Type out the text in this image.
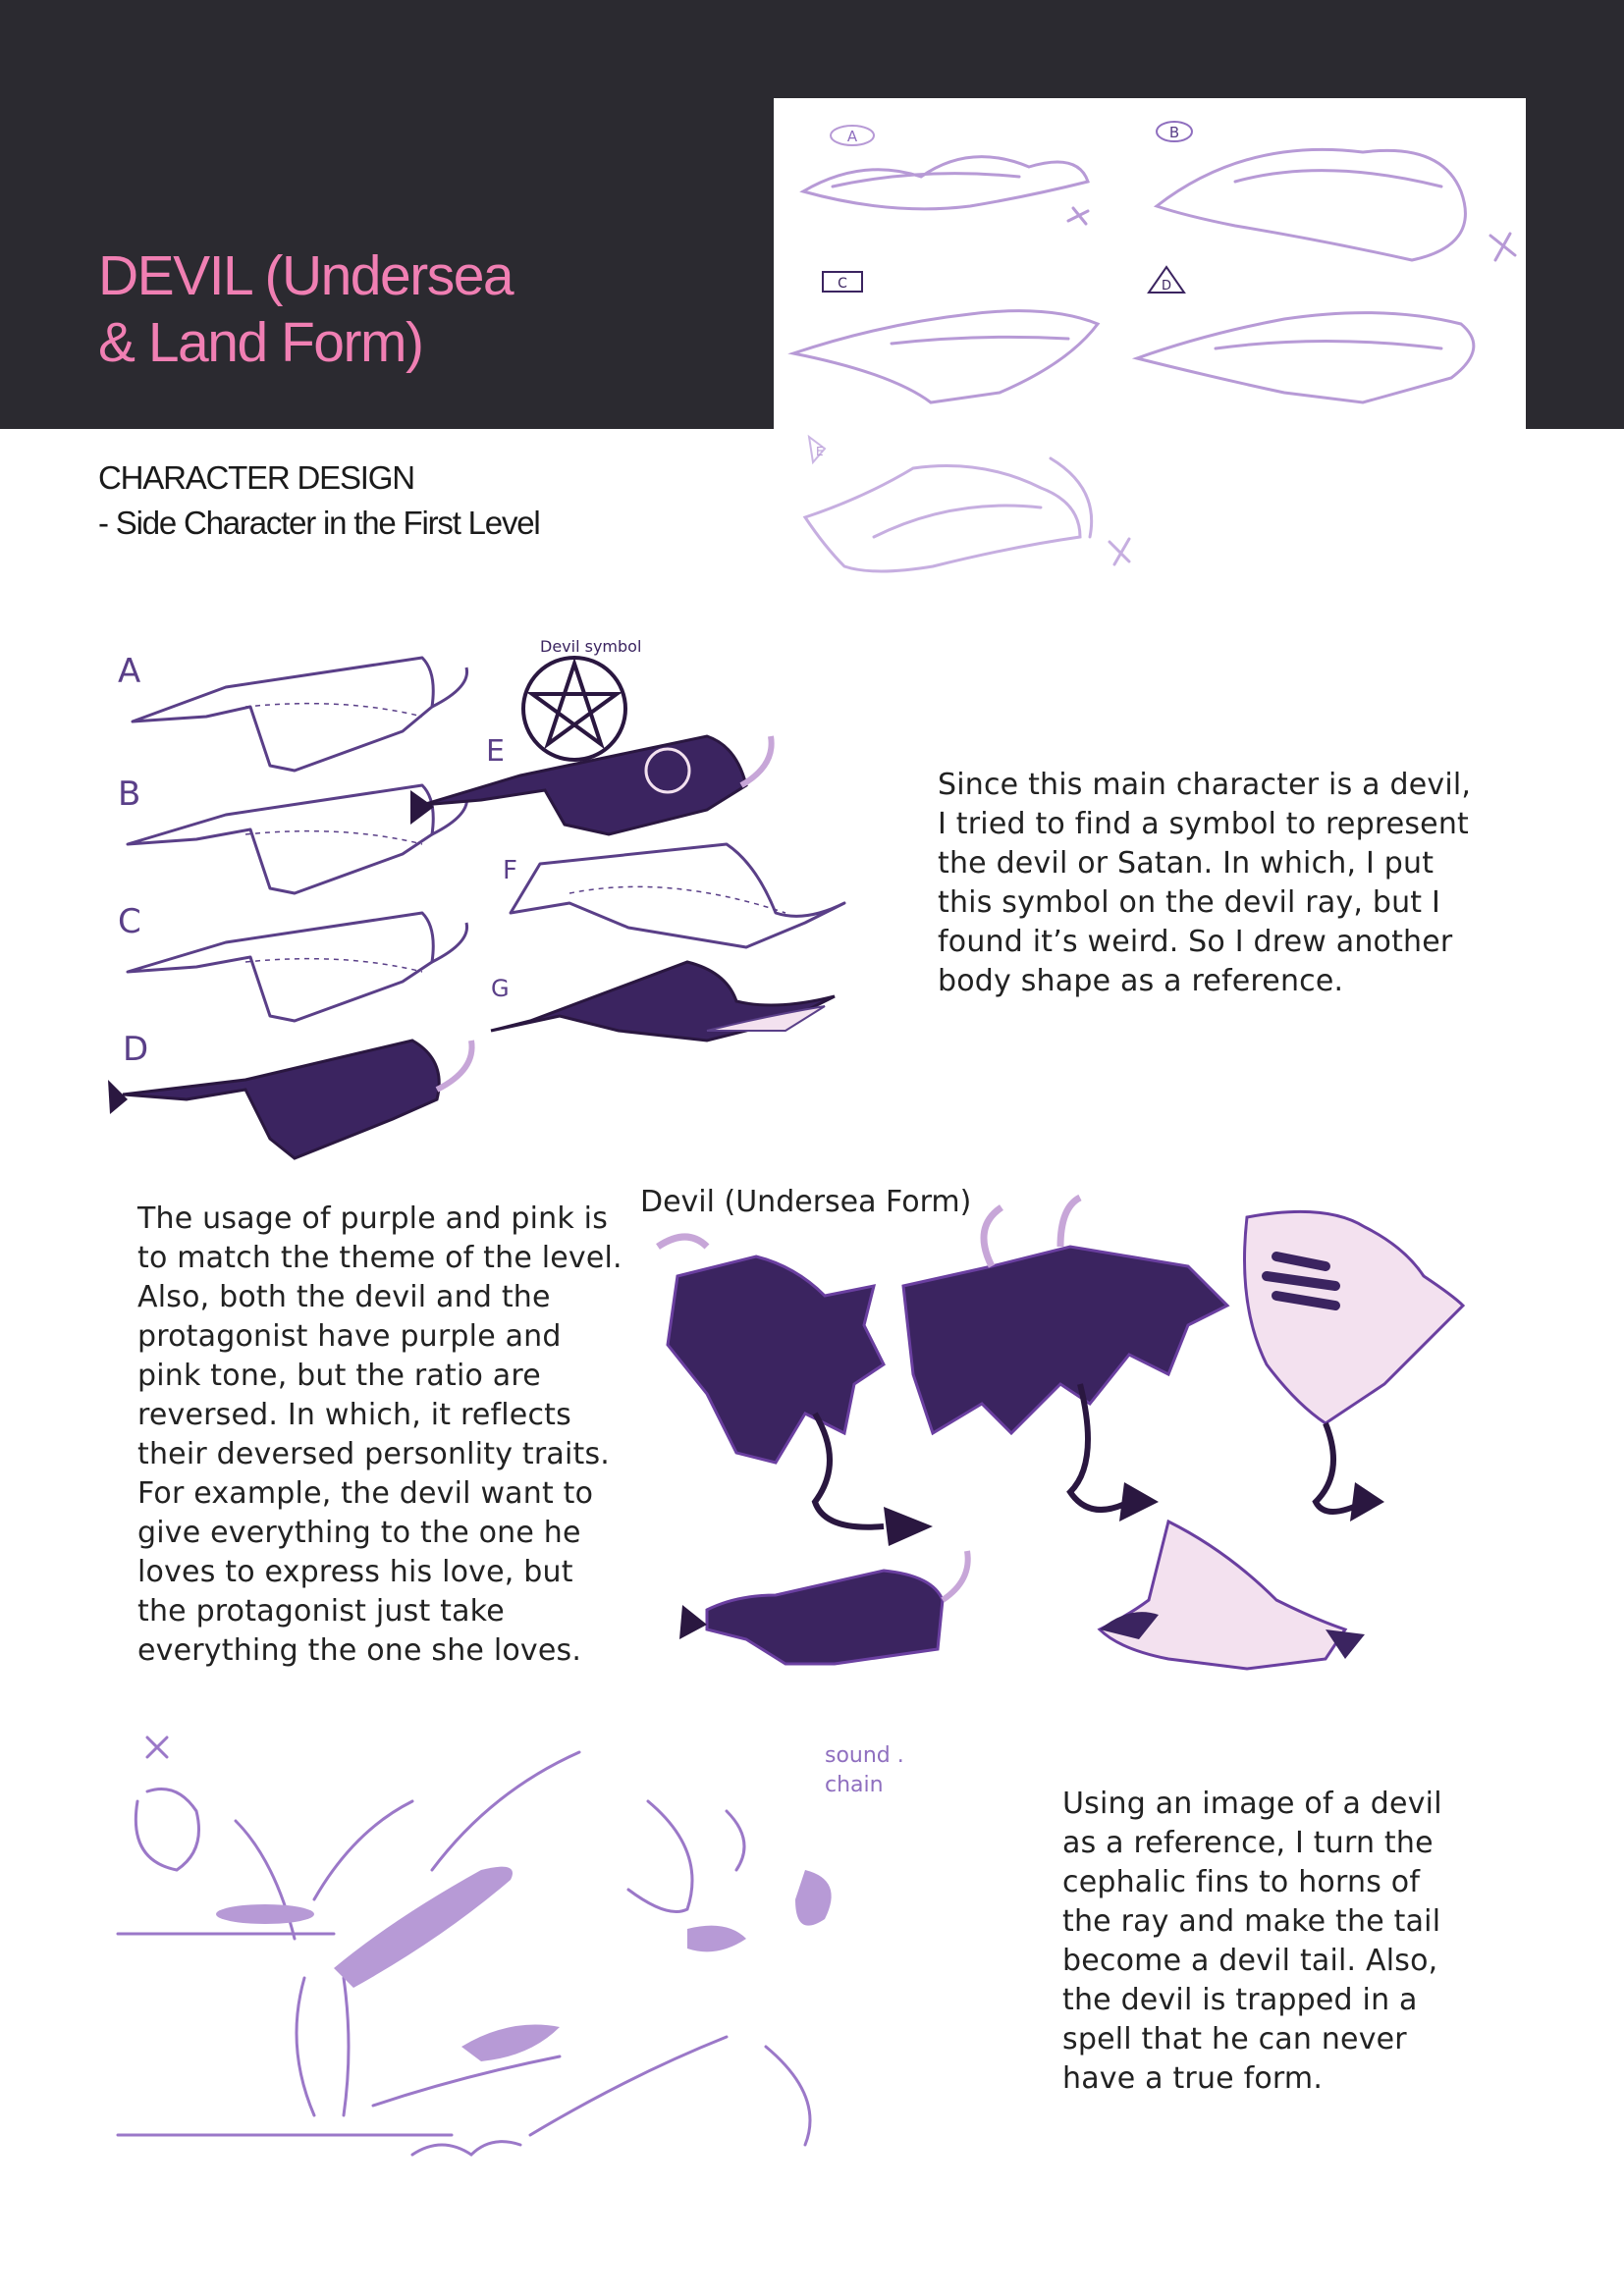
DEVIL (Undersea
& Land Form)
CHARACTER DESIGN
- Side Character in the First Level
A	B
C	D
E
A
B
C
D
E
F
G
Devil symbol

Since this main character is a devil, I tried to find a symbol to represent the devil or Satan. In which, I put this symbol on the devil ray, but I found it’s weird. So I drew another body shape as a reference.

The usage of purple and pink is to match the theme of the level. Also, both the devil and the protagonist have purple and pink tone, but the ratio are reversed. In which, it reflects their deversed personlity traits. For example, the devil want to give everything to the one he loves to express his love, but the protagonist just take everything the one she loves.

Devil (Undersea Form)

sound .
chain

Using an image of a devil as a reference, I turn the cephalic fins to horns of the ray and make the tail become a devil tail. Also, the devil is trapped in a spell that he can never have a true form.
